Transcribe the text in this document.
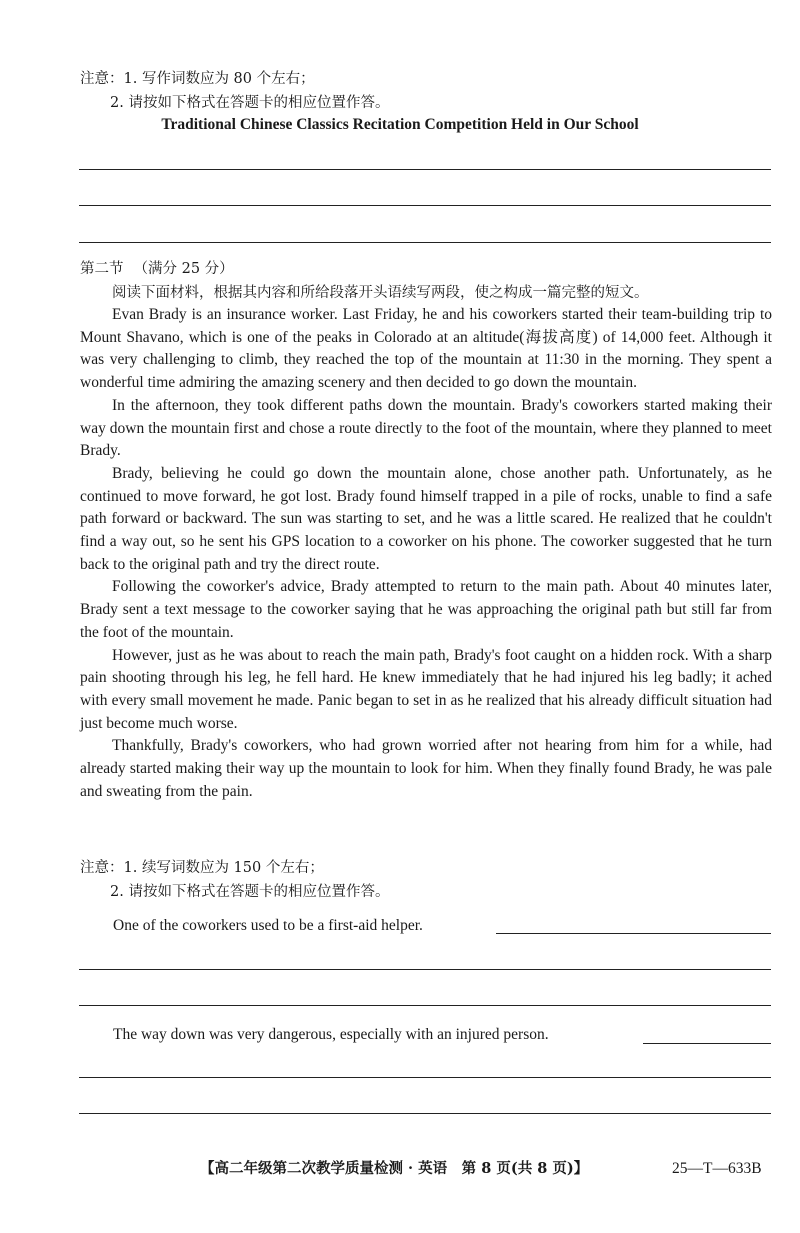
注意：1. 写作词数应为 80 个左右；
2. 请按如下格式在答题卡的相应位置作答。
Traditional Chinese Classics Recitation Competition Held in Our School
第二节 （满分 25 分）
阅读下面材料，根据其内容和所给段落开头语续写两段，使之构成一篇完整的短文。

Evan Brady is an insurance worker. Last Friday, he and his coworkers started their team-building trip to Mount Shavano, which is one of the peaks in Colorado at an altitude(海拔高度) of 14,000 feet. Although it was very challenging to climb, they reached the top of the mountain at 11:30 in the morning. They spent a wonderful time admiring the amazing scenery and then decided to go down the mountain.

In the afternoon, they took different paths down the mountain. Brady's coworkers started making their way down the mountain first and chose a route directly to the foot of the mountain, where they planned to meet Brady.

Brady, believing he could go down the mountain alone, chose another path. Unfortunately, as he continued to move forward, he got lost. Brady found himself trapped in a pile of rocks, unable to find a safe path forward or backward. The sun was starting to set, and he was a little scared. He realized that he couldn't find a way out, so he sent his GPS location to a coworker on his phone. The coworker suggested that he turn back to the original path and try the direct route.

Following the coworker's advice, Brady attempted to return to the main path. About 40 minutes later, Brady sent a text message to the coworker saying that he was approaching the original path but still far from the foot of the mountain.

However, just as he was about to reach the main path, Brady's foot caught on a hidden rock. With a sharp pain shooting through his leg, he fell hard. He knew immediately that he had injured his leg badly; it ached with every small movement he made. Panic began to set in as he realized that his already difficult situation had just become much worse.

Thankfully, Brady's coworkers, who had grown worried after not hearing from him for a while, had already started making their way up the mountain to look for him. When they finally found Brady, he was pale and sweating from the pain.

注意：1. 续写词数应为 150 个左右；
2. 请按如下格式在答题卡的相应位置作答。
One of the coworkers used to be a first-aid helper.
The way down was very dangerous, especially with an injured person.
【高二年级第二次教学质量检测 · 英语　第 8 页(共 8 页)】	25—T—633B
